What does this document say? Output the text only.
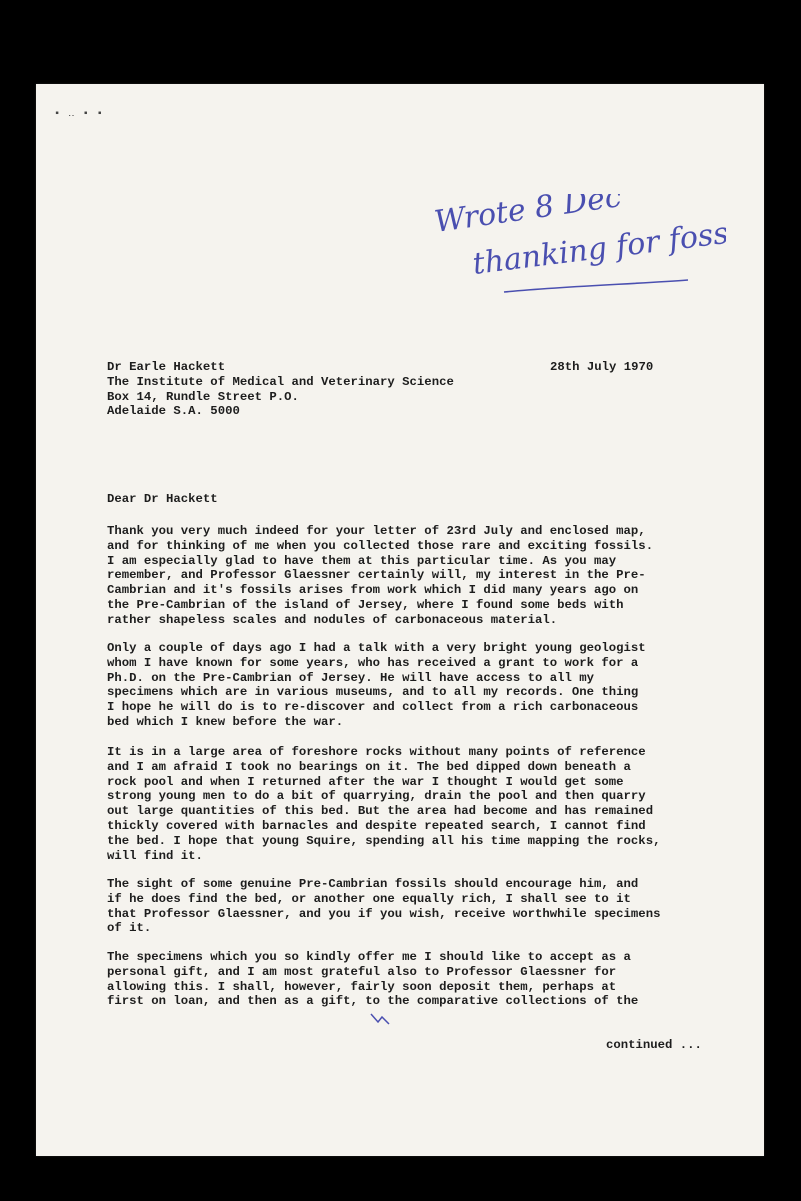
▪ ‥ ▪ ▪
Wrote 8 Dec
thanking for fossils
Dr Earle Hackett
The Institute of Medical and Veterinary Science
Box 14, Rundle Street P.O.
Adelaide S.A. 5000
28th July 1970
Dear Dr Hackett
Thank you very much indeed for your letter of 23rd July and enclosed map,
and for thinking of me when you collected those rare and exciting fossils.
I am especially glad to have them at this particular time. As you may
remember, and Professor Glaessner certainly will, my interest in the Pre-
Cambrian and it's fossils arises from work which I did many years ago on
the Pre-Cambrian of the island of Jersey, where I found some beds with
rather shapeless scales and nodules of carbonaceous material.
Only a couple of days ago I had a talk with a very bright young geologist
whom I have known for some years, who has received a grant to work for a
Ph.D. on the Pre-Cambrian of Jersey. He will have access to all my
specimens which are in various museums, and to all my records. One thing
I hope he will do is to re-discover and collect from a rich carbonaceous
bed which I knew before the war.
It is in a large area of foreshore rocks without many points of reference
and I am afraid I took no bearings on it. The bed dipped down beneath a
rock pool and when I returned after the war I thought I would get some
strong young men to do a bit of quarrying, drain the pool and then quarry
out large quantities of this bed. But the area had become and has remained
thickly covered with barnacles and despite repeated search, I cannot find
the bed. I hope that young Squire, spending all his time mapping the rocks,
will find it.
The sight of some genuine Pre-Cambrian fossils should encourage him, and
if he does find the bed, or another one equally rich, I shall see to it
that Professor Glaessner, and you if you wish, receive worthwhile specimens
of it.
The specimens which you so kindly offer me I should like to accept as a
personal gift, and I am most grateful also to Professor Glaessner for
allowing this. I shall, however, fairly soon deposit them, perhaps at
first on loan, and then as a gift, to the comparative collections of the
continued ...
